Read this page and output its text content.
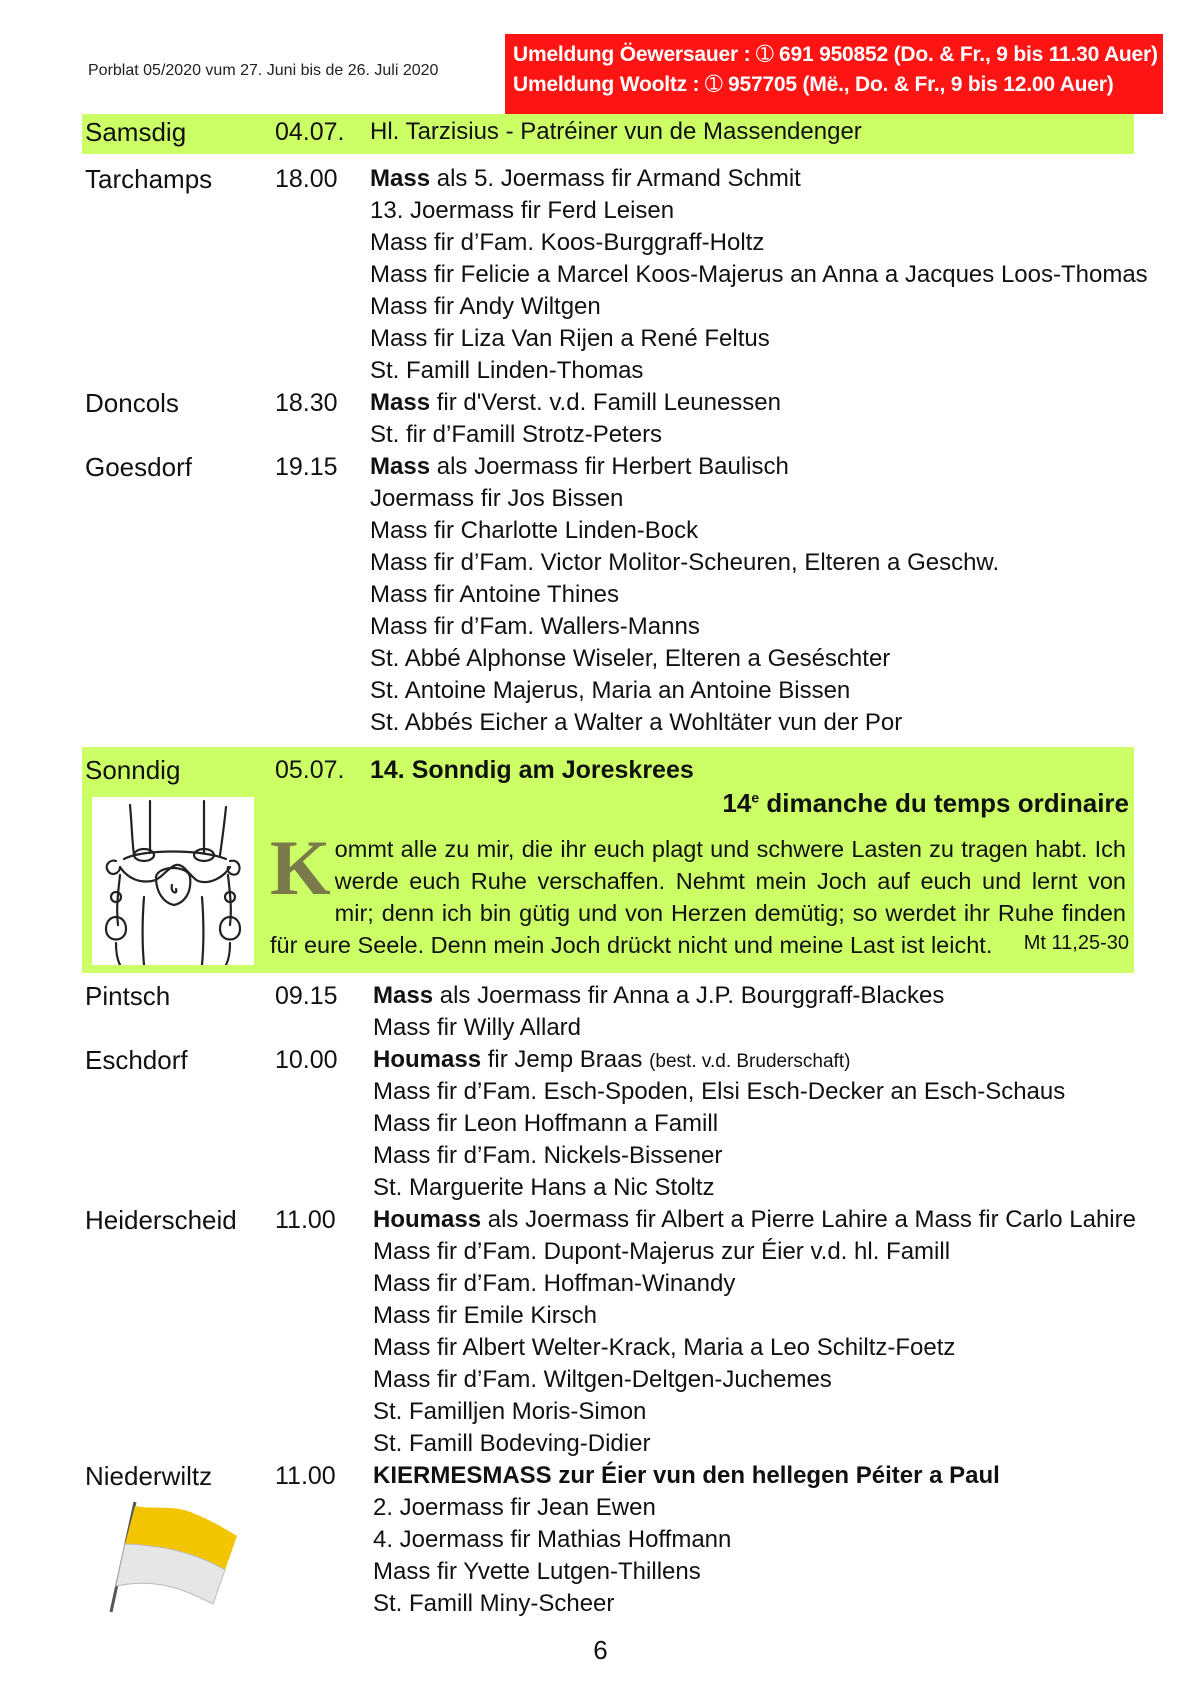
Porblat 05/2020 vum 27. Juni bis de 26. Juli 2020
Umeldung Öewersauer : ➀ 691 950852 (Do. & Fr., 9 bis 11.30 Auer)
Umeldung Wooltz : ➀ 957705 (Më., Do. & Fr., 9 bis 12.00 Auer)
Samsdig	04.07. Hl. Tarzisius - Patréiner vun de Massendenger
Tarchamps	18.00 Mass als 5. Joermass fir Armand Schmit
13. Joermass fir Ferd Leisen
Mass fir d’Fam. Koos-Burggraff-Holtz
Mass fir Felicie a Marcel Koos-Majerus an Anna a Jacques Loos-Thomas
Mass fir Andy Wiltgen
Mass fir Liza Van Rijen a René Feltus
St. Famill Linden-Thomas
Doncols	18.30 Mass fir d'Verst. v.d. Famill Leunessen
St. fir d’Famill Strotz-Peters
Goesdorf	19.15 Mass als Joermass fir Herbert Baulisch
Joermass fir Jos Bissen
Mass fir Charlotte Linden-Bock
Mass fir d’Fam. Victor Molitor-Scheuren, Elteren a Geschw.
Mass fir Antoine Thines
Mass fir d’Fam. Wallers-Manns
St. Abbé Alphonse Wiseler, Elteren a Geséschter
St. Antoine Majerus, Maria an Antoine Bissen
St. Abbés Eicher a Walter a Wohltäter vun der Por
Sonndig	05.07. 14. Sonndig am Joreskrees
14e dimanche du temps ordinaire
Kommt alle zu mir, die ihr euch plagt und schwere Lasten zu tragen habt. Ich werde euch Ruhe verschaffen. Nehmt mein Joch auf euch und lernt von mir; denn ich bin gütig und von Herzen demütig; so werdet ihr Ruhe finden für eure Seele. Denn mein Joch drückt nicht und meine Last ist leicht.	Mt 11,25-30
Pintsch	09.15 Mass als Joermass fir Anna a J.P. Bourggraff-Blackes
Mass fir Willy Allard
Eschdorf	10.00 Houmass fir Jemp Braas (best. v.d. Bruderschaft)
Mass fir d’Fam. Esch-Spoden, Elsi Esch-Decker an Esch-Schaus
Mass fir Leon Hoffmann a Famill
Mass fir d’Fam. Nickels-Bissener
St. Marguerite Hans a Nic Stoltz
Heiderscheid 11.00 Houmass als Joermass fir Albert a Pierre Lahire a Mass fir Carlo Lahire
Mass fir d’Fam. Dupont-Majerus zur Éier v.d. hl. Famill
Mass fir d’Fam. Hoffman-Winandy
Mass fir Emile Kirsch
Mass fir Albert Welter-Krack, Maria a Leo Schiltz-Foetz
Mass fir d’Fam. Wiltgen-Deltgen-Juchemes
St. Familljen Moris-Simon
St. Famill Bodeving-Didier
Niederwiltz	11.00 KIERMESMASS zur Éier vun den hellegen Péiter a Paul
2. Joermass fir Jean Ewen
4. Joermass fir Mathias Hoffmann
Mass fir Yvette Lutgen-Thillens
St. Famill Miny-Scheer
6
